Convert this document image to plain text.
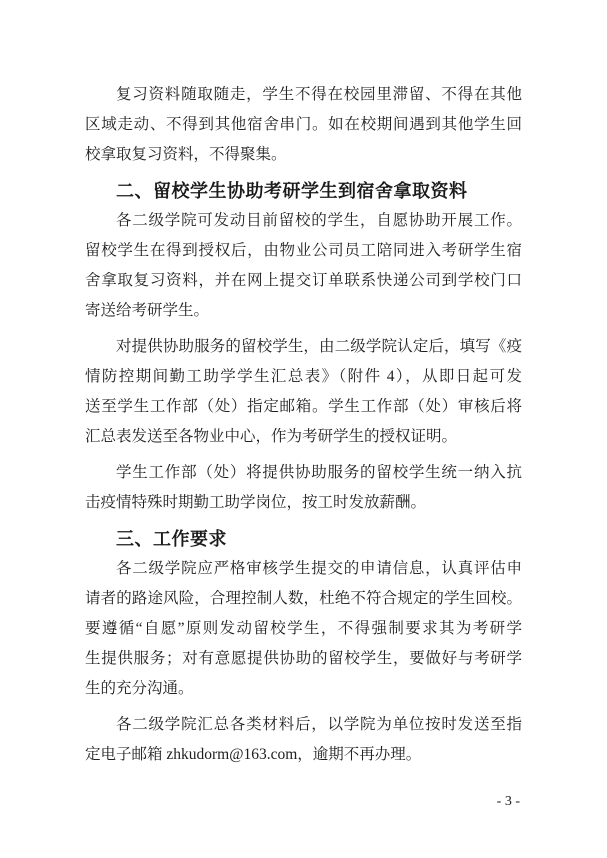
复习资料随取随走，学生不得在校园里滞留、不得在其他
区域走动、不得到其他宿舍串门。如在校期间遇到其他学生回
校拿取复习资料，不得聚集。
二、留校学生协助考研学生到宿舍拿取资料
各二级学院可发动目前留校的学生，自愿协助开展工作。
留校学生在得到授权后，由物业公司员工陪同进入考研学生宿
舍拿取复习资料，并在网上提交订单联系快递公司到学校门口
寄送给考研学生。
对提供协助服务的留校学生，由二级学院认定后，填写《疫
情防控期间勤工助学学生汇总表》（附件 4），从即日起可发
送至学生工作部（处）指定邮箱。学生工作部（处）审核后将
汇总表发送至各物业中心，作为考研学生的授权证明。
学生工作部（处）将提供协助服务的留校学生统一纳入抗
击疫情特殊时期勤工助学岗位，按工时发放薪酬。
三、工作要求
各二级学院应严格审核学生提交的申请信息，认真评估申
请者的路途风险，合理控制人数，杜绝不符合规定的学生回校。
要遵循“自愿”原则发动留校学生，不得强制要求其为考研学
生提供服务；对有意愿提供协助的留校学生，要做好与考研学
生的充分沟通。
各二级学院汇总各类材料后，以学院为单位按时发送至指
定电子邮箱 zhkudorm@163.com，逾期不再办理。
- 3 -
